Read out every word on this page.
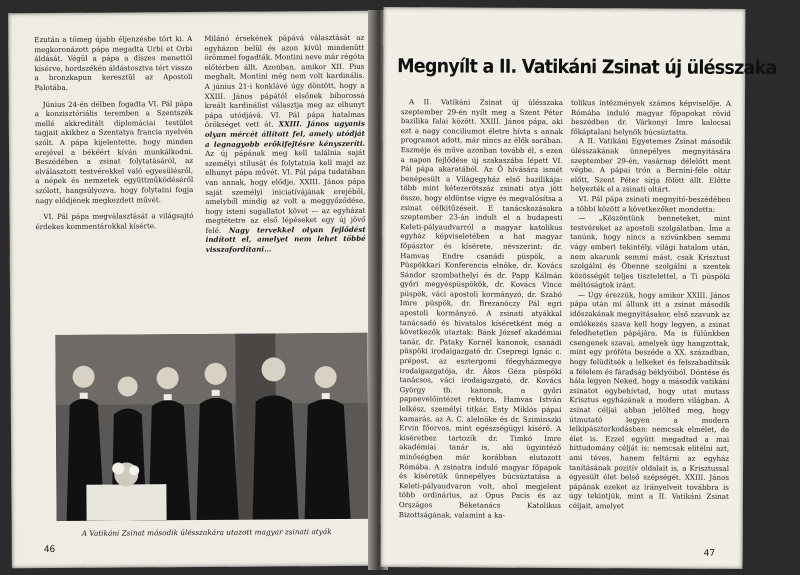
Ezután a tömeg újabb éljenzésbe tört ki. A megkoronázott pápa megadta Urbi et Orbi áldását. Végül a pápa a díszes menettől kísérve, hordszékén áldástosztva tért vissza a bronzkapun keresztül az Apostoli Palotába.

Június 24-én délben fogadta VI. Pál pápa a konzisztóriális teremben a Szentszék mellé akkreditált diplomáciai testület tagjait akikhez a Szentatya francia nyelvén szólt. A pápa kijelentette, hogy minden erejével a békéért kíván munkálkodni. Beszédében a zsinat folytatásáról, az elválasztott testvérekkel való egyesülésről, a népek és nemzetek együttműködéséről szólott, hangsúlyozva, hogy folytatni fogja nagy elődjének megkezdett művét.

VI. Pál pápa megválasztását a világsajtó érdekes kommentárokkal kísérte.

Milánó érsekének pápává választását az egyházon belül és azon kívül mindenütt örömmel fogadták. Montini neve már régóta előtérben állt. Azonban, amikor XII. Pius meghalt, Montini még nem volt kardinális. A június 21-i konklávé úgy döntött, hogy a XXIII. János pápától elsőnek bíborossá kreált kardinálist választja meg az elhunyt pápa utódjává. VI. Pál pápa hatalmas örökséget vett át. XXIII. János ugyanis olyan mércét állított fel, amely utódját a legnagyobb erőkifejtésre kényszeríti. Az új pápának meg kell találnia saját személyi stílusát és folytatnia kell majd az elhunyt pápa művét. VI. Pál pápa tudatában van annak, hogy elődje, XXIII. János pápa saját személyi iniciatívájának erejéből, amelyből mindig az volt a meggyőződése, hogy isteni sugallatot követ — az egyházat megtétetre az első lépéseket egy új jövő felé. Nagy tervekkel olyan fejlődést indított el, amelyet nem lehet többé visszafordítani...

A Vatikáni Zsinat második ülésszakára utazott magyar zsinati atyák
46
Megnyílt a II. Vatikáni Zsinat új ülésszaka

A II. Vatikáni Zsinat új ülésszaka szeptember 29-én nyílt meg a Szent Péter bazilika falai között. XXIII. János pápa, aki ezt a nagy conciliumot életre hívta s annak programot adott, már nincs az élők sorában. Eszméje és műve azonban tovább él, s ezen a napon fejlődése új szakaszába lépett VI. Pál pápa akaratából. Az Ő hívására ismét benépesült a Világegyház első bazilikája: több mint kétezerötszáz zsinati atya jött össze, hogy eldöntse vigye és megvalósítsa a zsinat célkitűzéseit. E tanácskozásokra szeptember 23-án indult el a budapesti Keleti-pályaudvarról a magyar katolikus egyház képviseletében a hat magyar főpásztor és kísérete, névszerint: dr. Hamvas Endre csanádi püspök, a Püspökkari Konferencia elnöke, dr. Kovács Sándor szombathelyi és dr. Papp Kálmán győri megyéspüspökök, dr. Kovács Vince püspök, váci apostoli kormányzó, dr. Szabó Imre püspök, dr. Brezanóczy Pál egri apostoli kormányzó. A zsinati atyákkal tanácsadó és hivatalos kíséretként még a következők utaztak: Bánk József akadémiai tanár, dr. Pataky Kornél kanonok, csanádi püspöki irodaigazgató dr. Csepregi Ignác c. prépost, az esztergomi főegyházmegye irodaigazgatója, dr. Ákos Géza püspöki tanácsos, váci irodaigazgató, dr. Kovács György tb. kanonok, a győri papnevelőintézet rektora, Hamvas István lelkész, személyi titkár. Esty Miklós pápai kamarás, az A. C. alelnöke és dr. Sziminszki Ervin főorvos, mint egészségügyi kísérő. A kíséretbez tartozik dr. Timkó Imre akadémiai tanár is, aki ügyintéző minőségben már korábban elutazott Rómába. A zsinatra induló magyar főpapok és kíséretük ünnepélyes búcsúztatása a Keleti-pályaudvaron volt, ahol megjelent több ordinárius, az Opus Pacis és az Országos Béketanács Katolikus Bizottságának, valamint a ka-

tolikus intézmények számos képviselője. A Rómába induló magyar főpapokat rövid beszédben dr. Várkonyi Imre kalocsai főkáptalani helynök búcsúztatta.

A II. Vatikáni Egyetemes Zsinat második ülésszakának ünnepélyes megnyitására szeptember 29-én, vasárnap délelőtt ment végbe. A pápai trón a Bernini-féle oltár előtt, Szent Péter sírja fölött állt. Előtte helyezték el a zsinati oltárt.

VI. Pál pápa zsinati megnyitó-beszédében a többi között a következőket mondotta:

— „Köszöntünk benneteket, mint testvéreket az apostoli szolgálatban. Íme a tanúnk, hogy nincs a szívünkben semmi vágy emberi tekintély, világi hatalom után, nem akarunk semmi mást, csak Krisztust szolgálni és Őbenne szolgálni a szentek közösségét teljes tisztelettel, a Ti püspöki méltóságtok iránt.

— Úgy érezzük, hogy amikor XXIII. János pápa után mi állunk itt a zsinat második időszakának megnyitásakor, első szavunk az emlékezés szava kell hogy legyen, a zsinat feledhetetlen pápájára. Ma is fülünkben csengenek szavai, amelyek úgy hangzottak, mint egy próféta beszéde a XX. században, hogy felüdítsék a lelkeket és felszabadítsák a félelem és fáradság béklyóiból. Döntése és hála legyen Neked, hogy a második vatikáni zsinatot egybehívtad, hogy utat mutass Krisztus egyházának a modern világban. A zsinat céljai abban jelölted meg, hogy útmutató legyen a modern lelkipásztorkodásban: nemcsak elmélet, de élet is. Ezzel együtt megadtad a mai hittudomány célját is: nemcsak elitélni azt, ami téves, hanem feltárni az egyház tanításának pozitív oldalait is, a Krisztussal egyesült élet belső szépségét. XXIII. János pápának ezeket az irányelveit továbbra is úgy tekintjük, mint a II. Vatikáni Zsinat céljait, amelyet

47
